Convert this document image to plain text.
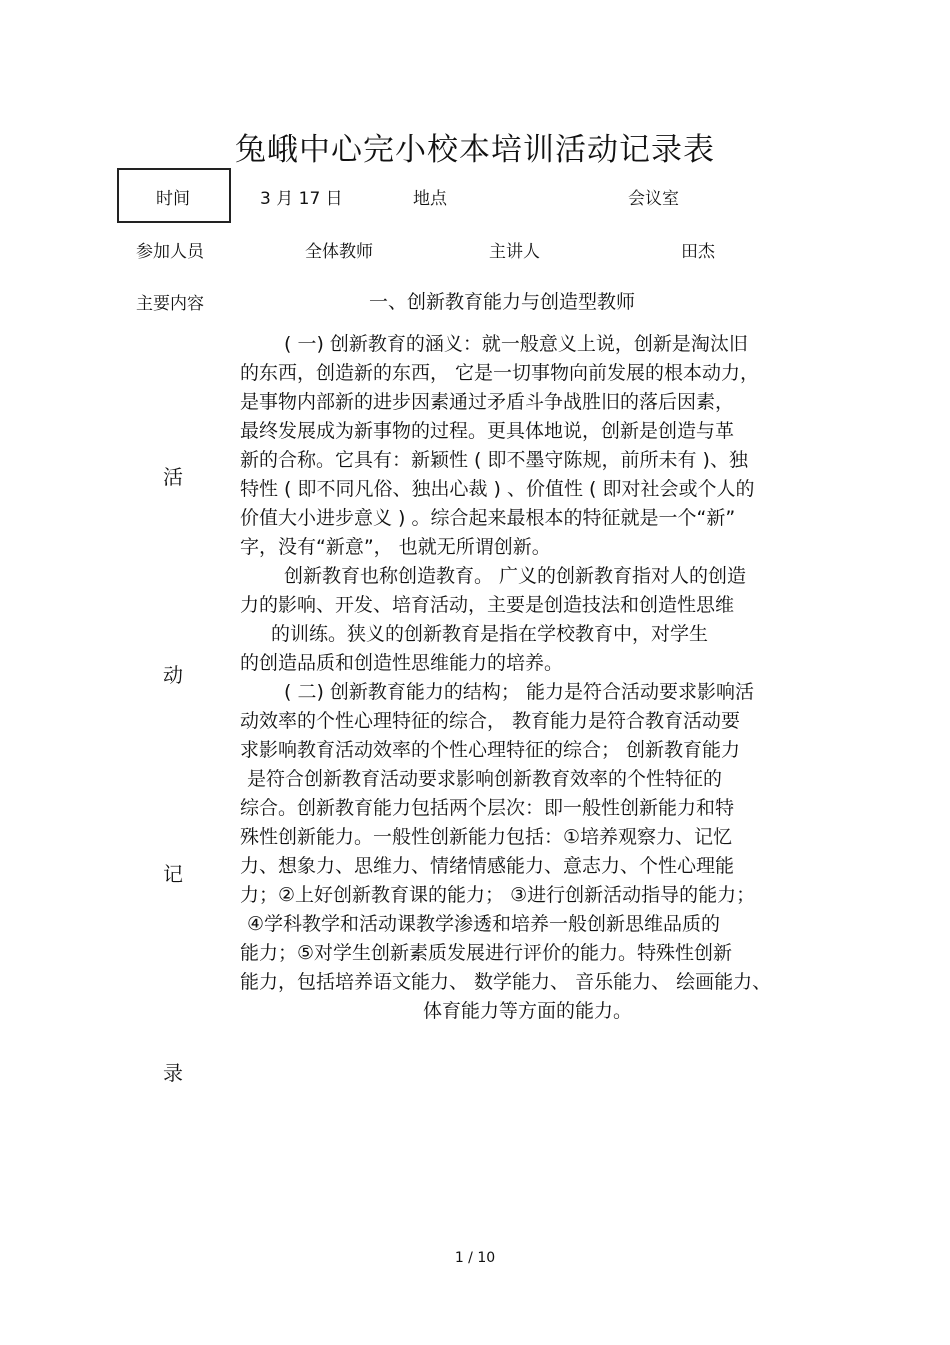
兔峨中心完小校本培训活动记录表
时间	3 月 17 日	地点	会议室
参加人员	全体教师	主讲人	田杰
主要内容	一、创新教育能力与创造型教师
活
动
记
录
( 一) 创新教育的涵义：就一般意义上说，创新是淘汰旧
的东西，创造新的东西， 它是一切事物向前发展的根本动力，
是事物内部新的进步因素通过矛盾斗争战胜旧的落后因素，
最终发展成为新事物的过程。更具体地说，创新是创造与革
新的合称。它具有：新颖性 ( 即不墨守陈规，前所未有 )、独
特性 ( 即不同凡俗、独出心裁 ) 、价值性 ( 即对社会或个人的
价值大小进步意义 ) 。综合起来最根本的特征就是一个“新”
字，没有“新意”， 也就无所谓创新。
创新教育也称创造教育。 广义的创新教育指对人的创造
力的影响、开发、培育活动，主要是创造技法和创造性思维
的训练。狭义的创新教育是指在学校教育中，对学生
的创造品质和创造性思维能力的培养。
( 二) 创新教育能力的结构； 能力是符合活动要求影响活
动效率的个性心理特征的综合， 教育能力是符合教育活动要
求影响教育活动效率的个性心理特征的综合； 创新教育能力
是符合创新教育活动要求影响创新教育效率的个性特征的
综合。创新教育能力包括两个层次：即一般性创新能力和特
殊性创新能力。一般性创新能力包括：①培养观察力、记忆
力、想象力、思维力、情绪情感能力、意志力、个性心理能
力；②上好创新教育课的能力； ③进行创新活动指导的能力；
④学科教学和活动课教学渗透和培养一般创新思维品质的
能力；⑤对学生创新素质发展进行评价的能力。特殊性创新
能力，包括培养语文能力、 数学能力、 音乐能力、 绘画能力、
体育能力等方面的能力。
1 / 10
